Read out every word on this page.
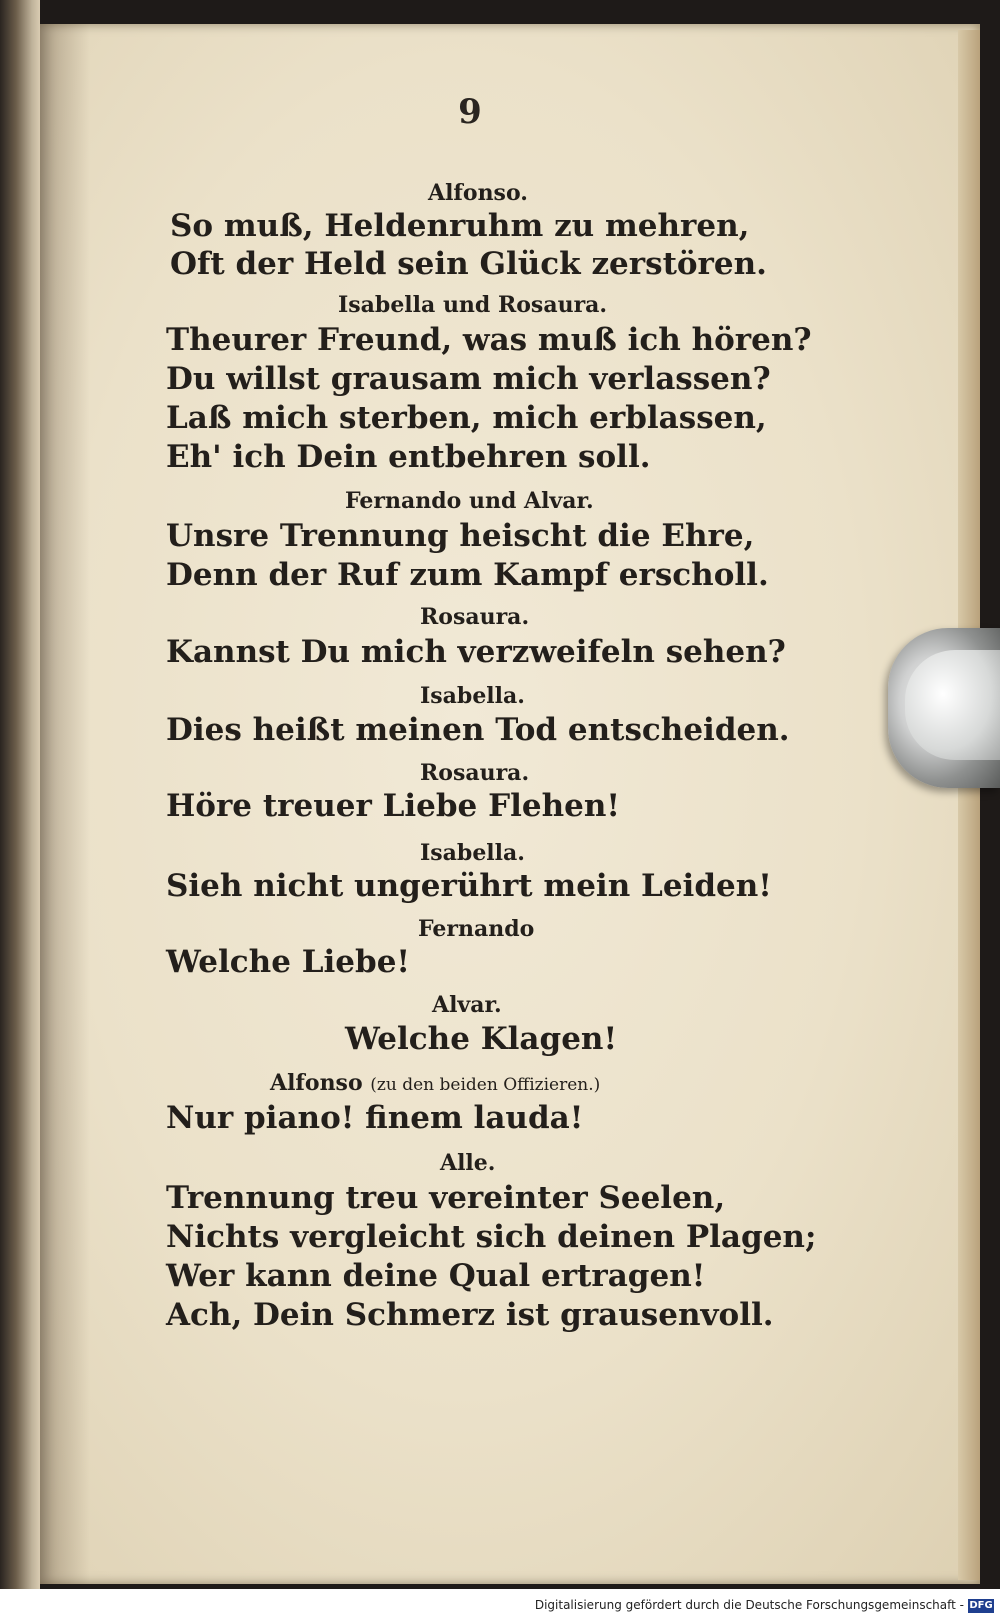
9
Alfonso.
So muß, Heldenruhm zu mehren,
Oft der Held sein Glück zerstören.
Isabella und Rosaura.
Theurer Freund, was muß ich hören?
Du willst grausam mich verlassen?
Laß mich sterben, mich erblassen,
Eh' ich Dein entbehren soll.
Fernando und Alvar.
Unsre Trennung heischt die Ehre,
Denn der Ruf zum Kampf erscholl.
Rosaura.
Kannst Du mich verzweifeln sehen?
Isabella.
Dies heißt meinen Tod entscheiden.
Rosaura.
Höre treuer Liebe Flehen!
Isabella.
Sieh nicht ungerührt mein Leiden!
Fernando
Welche Liebe!
Alvar.
Welche Klagen!
Alfonso (zu den beiden Offizieren.)
Nur piano! finem lauda!
Alle.
Trennung treu vereinter Seelen,
Nichts vergleicht sich deinen Plagen;
Wer kann deine Qual ertragen!
Ach, Dein Schmerz ist grausenvoll.
Digitalisierung gefördert durch die Deutsche Forschungsgemeinschaft - DFG
